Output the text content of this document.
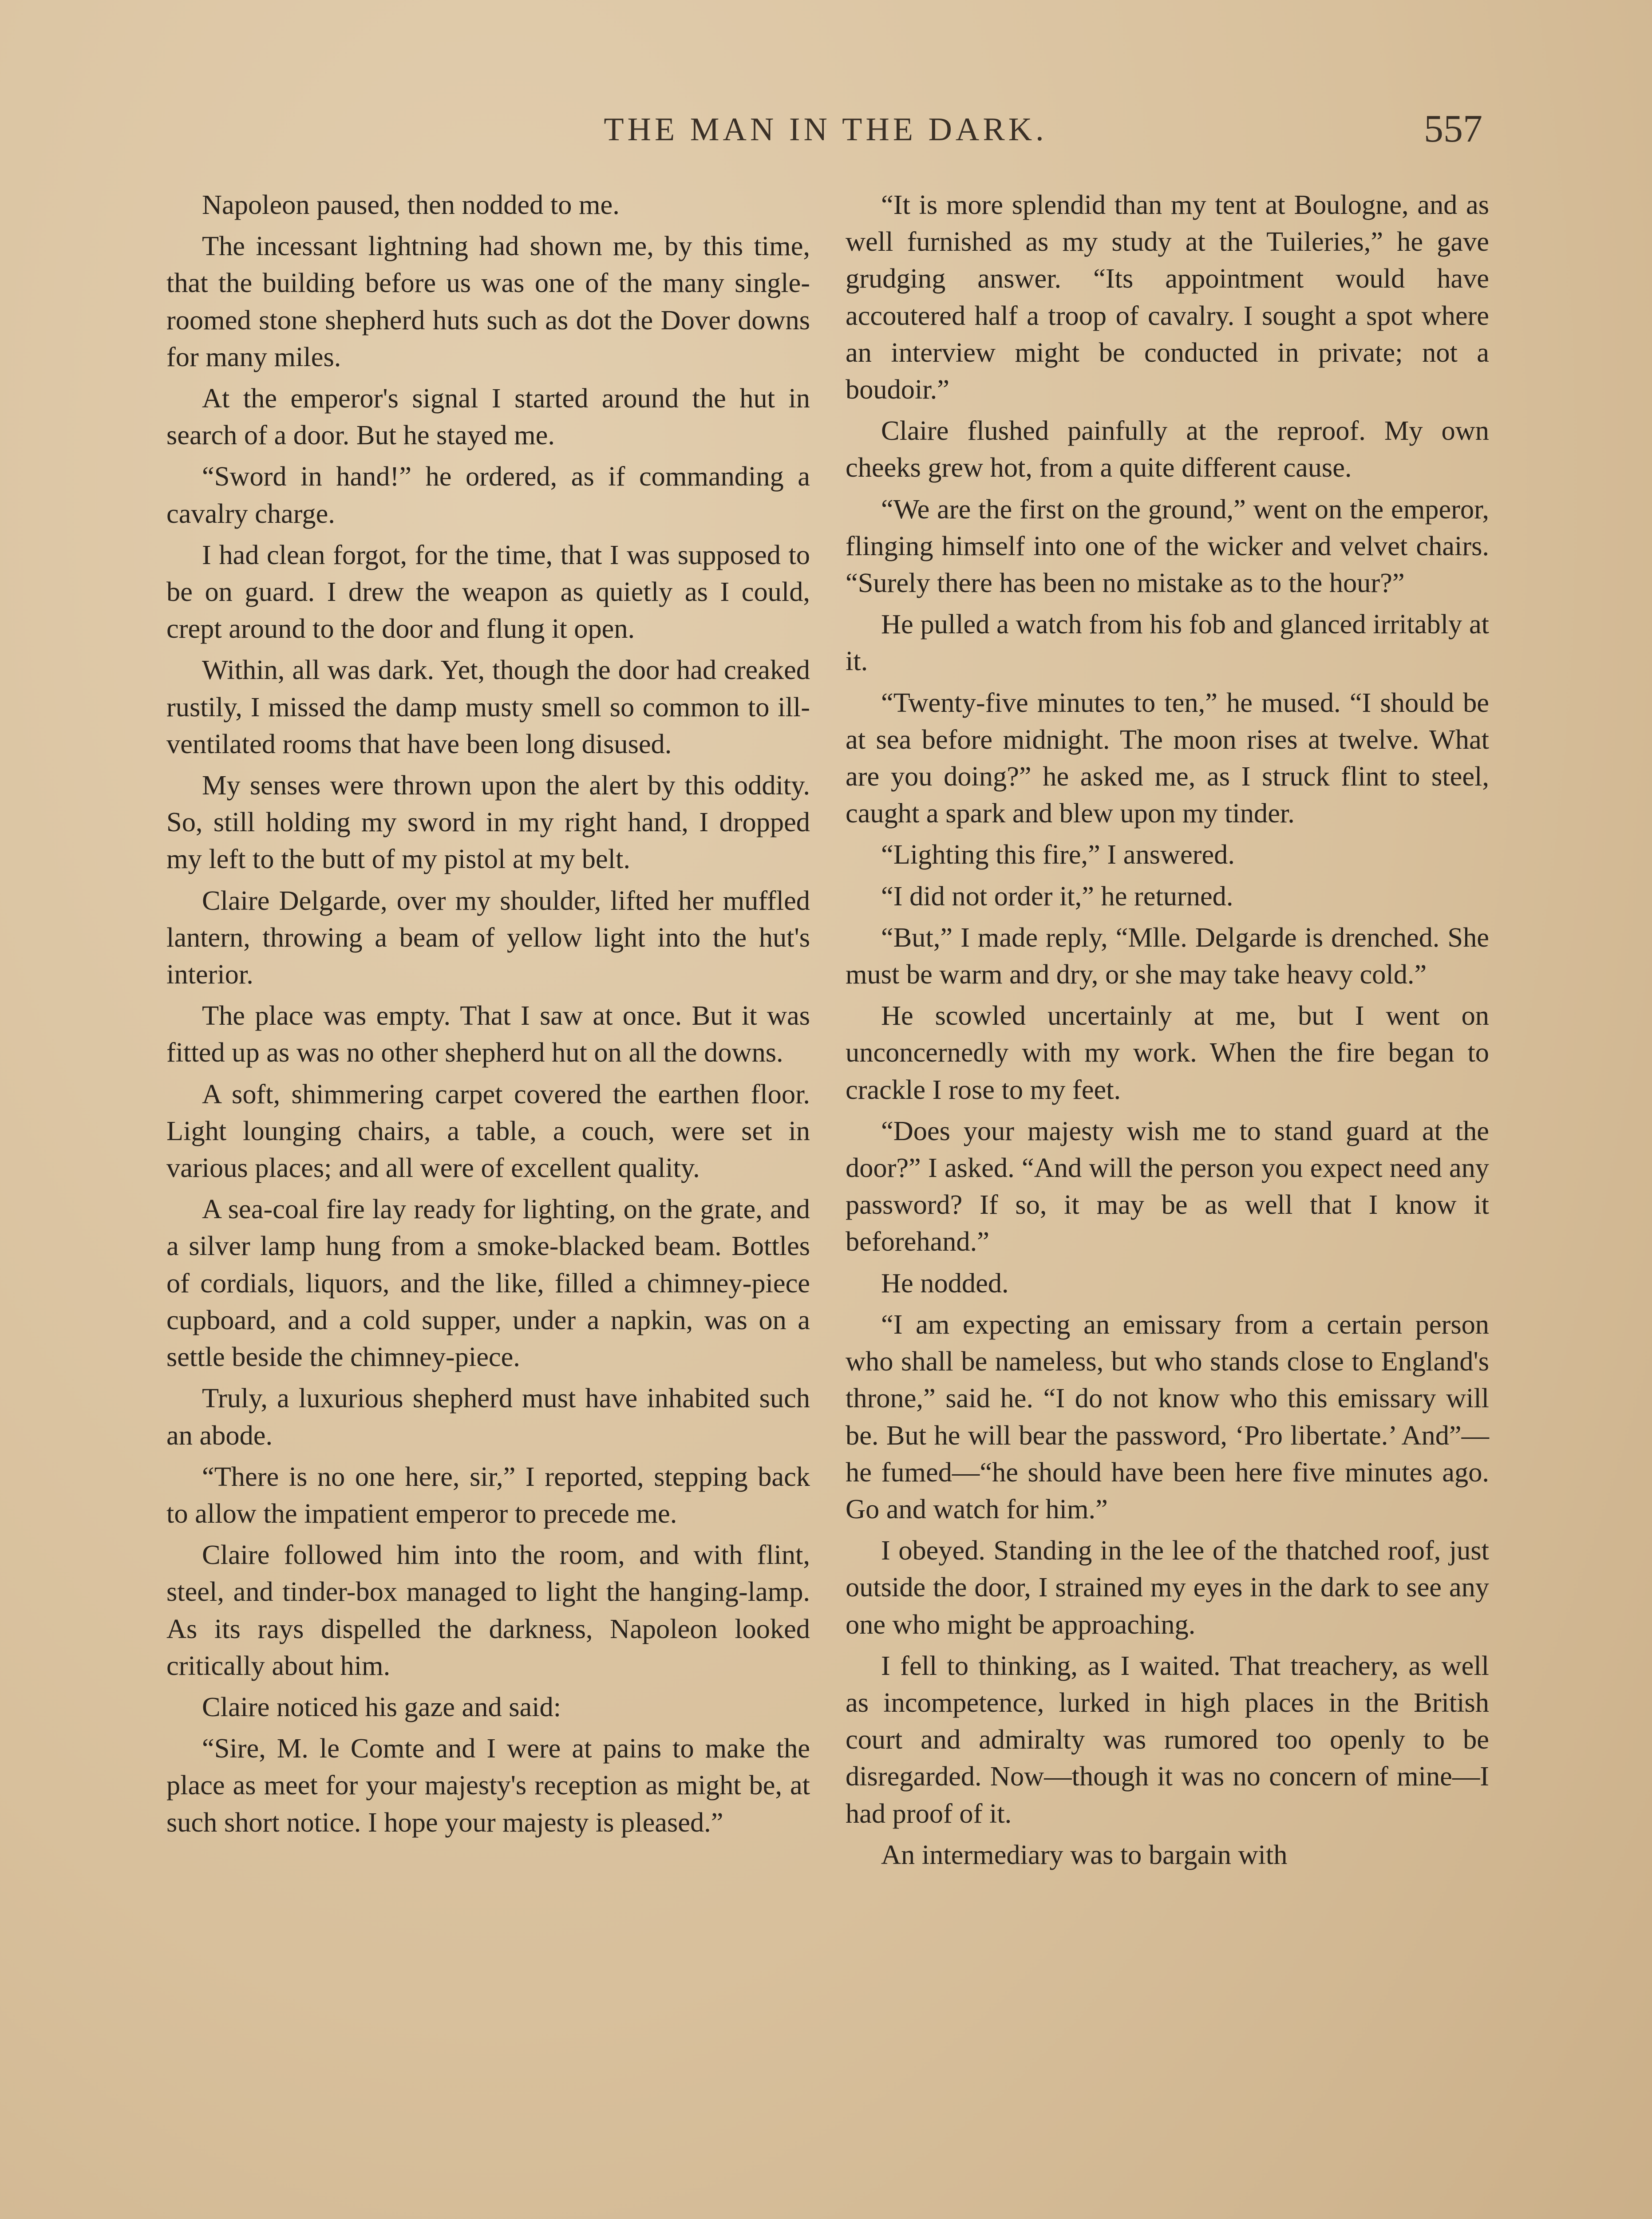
THE MAN IN THE DARK.	557

Napoleon paused, then nodded to me.

The incessant lightning had shown me, by this time, that the building before us was one of the many single-roomed stone shepherd huts such as dot the Dover downs for many miles.

At the emperor's signal I started around the hut in search of a door. But he stayed me.

“Sword in hand!” he ordered, as if commanding a cavalry charge.

I had clean forgot, for the time, that I was supposed to be on guard. I drew the weapon as quietly as I could, crept around to the door and flung it open.

Within, all was dark. Yet, though the door had creaked rustily, I missed the damp musty smell so common to ill-ventilated rooms that have been long disused.

My senses were thrown upon the alert by this oddity. So, still holding my sword in my right hand, I dropped my left to the butt of my pistol at my belt.

Claire Delgarde, over my shoulder, lifted her muffled lantern, throwing a beam of yellow light into the hut's interior.

The place was empty. That I saw at once. But it was fitted up as was no other shepherd hut on all the downs.

A soft, shimmering carpet covered the earthen floor. Light lounging chairs, a table, a couch, were set in various places; and all were of excellent quality.

A sea-coal fire lay ready for lighting, on the grate, and a silver lamp hung from a smoke-blacked beam. Bottles of cordials, liquors, and the like, filled a chimney-piece cupboard, and a cold supper, under a napkin, was on a settle beside the chimney-piece.

Truly, a luxurious shepherd must have inhabited such an abode.

“There is no one here, sir,” I reported, stepping back to allow the impatient emperor to precede me.

Claire followed him into the room, and with flint, steel, and tinder-box managed to light the hanging-lamp. As its rays dispelled the darkness, Napoleon looked critically about him.

Claire noticed his gaze and said:

“Sire, M. le Comte and I were at pains to make the place as meet for your majesty's reception as might be, at such short notice. I hope your majesty is pleased.”

“It is more splendid than my tent at Boulogne, and as well furnished as my study at the Tuileries,” he gave grudging answer. “Its appointment would have accoutered half a troop of cavalry. I sought a spot where an interview might be conducted in private; not a boudoir.”

Claire flushed painfully at the reproof. My own cheeks grew hot, from a quite different cause.

“We are the first on the ground,” went on the emperor, flinging himself into one of the wicker and velvet chairs. “Surely there has been no mistake as to the hour?”

He pulled a watch from his fob and glanced irritably at it.

“Twenty-five minutes to ten,” he mused. “I should be at sea before midnight. The moon rises at twelve. What are you doing?” he asked me, as I struck flint to steel, caught a spark and blew upon my tinder.

“Lighting this fire,” I answered.

“I did not order it,” he returned.

“But,” I made reply, “Mlle. Delgarde is drenched. She must be warm and dry, or she may take heavy cold.”

He scowled uncertainly at me, but I went on unconcernedly with my work. When the fire began to crackle I rose to my feet.

“Does your majesty wish me to stand guard at the door?” I asked. “And will the person you expect need any password? If so, it may be as well that I know it beforehand.”

He nodded.

“I am expecting an emissary from a certain person who shall be nameless, but who stands close to England's throne,” said he. “I do not know who this emissary will be. But he will bear the password, ‘Pro libertate.’ And”—he fumed—“he should have been here five minutes ago. Go and watch for him.”

I obeyed. Standing in the lee of the thatched roof, just outside the door, I strained my eyes in the dark to see any one who might be approaching.

I fell to thinking, as I waited. That treachery, as well as incompetence, lurked in high places in the British court and admiralty was rumored too openly to be disregarded. Now—though it was no concern of mine—I had proof of it.

An intermediary was to bargain with
